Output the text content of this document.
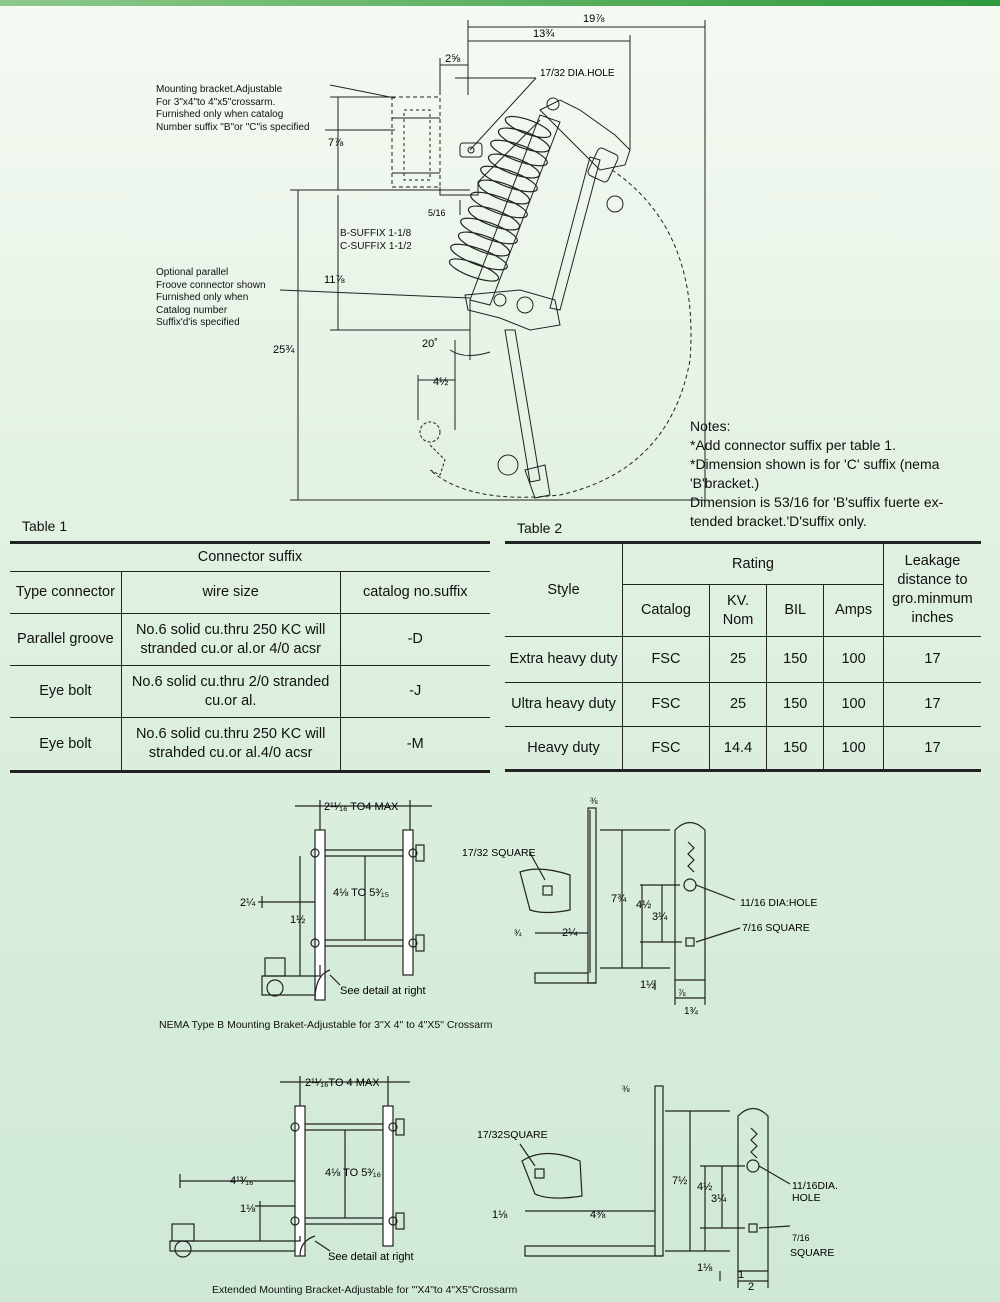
19⅞
13¾
2⅝
17/32 DIA.HOLE
7⅞
5/16
11⅞
25¾	20˚
4½
Mounting bracket.Adjustable
For 3"x4"to 4"x5"crossarm.
Furnished only when catalog
Number suffix "B"or "C"is specified
B-SUFFIX 1-1/8
C-SUFFIX 1-1/2
Optional parallel
Froove connector shown
Furnished only when
Catalog number
Suffix'd'is specified
Notes:
*Add connector suffix per table 1.
*Dimension shown is for 'C' suffix (nema
'B'bracket.)
Dimension is 53/16 for 'B'suffix fuerte ex-
tended bracket.'D'suffix only.
Table 1
Connector suffix		
Type connector	wire size	catalog no.suffix
Parallel groove	No.6 solid cu.thru 250 KC will stranded cu.or al.or 4/0 acsr	-D
Eye bolt	No.6 solid cu.thru 2/0 stranded cu.or al.	-J
Eye bolt	No.6 solid cu.thru 250 KC will strahded cu.or al.4/0 acsr	-M
Table 2
Style	Rating				Leakage distance to gro.minmum inches
	Catalog	KV. Nom	BIL	Amps	
Extra heavy duty	FSC	25	150	100	17
Ultra heavy duty	FSC	25	150	100	17
Heavy duty	FSC	14.4	150	100	17
2¹¹⁄₁₆ TO4 MAX
4⅛ TO 5³⁄₁₅
2¼
1½
See detail at right
⅜
17/32 SQUARE
7¾ 4½
3¼
11/16 DIA:HOLE
7/16 SQUARE
¾	2¼
1½
⅞
1¾
NEMA Type B Mounting Braket-Adjustable for 3"X 4" to 4"X5" Crossarm
2¹¹⁄₁₆TO 4 MAX
4⅛ TO 5³⁄₁₆
4¹³⁄₁₆
1⅛
See detail at right
⅜
17/32SQUARE
7½ 4½
3¼
11/16DIA.
HOLE
7/16
SQUARE
1⅛	4⅜
1⅛
1
2
Extended Mounting Bracket-Adjustable for "'X4"to 4"X5"Crossarm
